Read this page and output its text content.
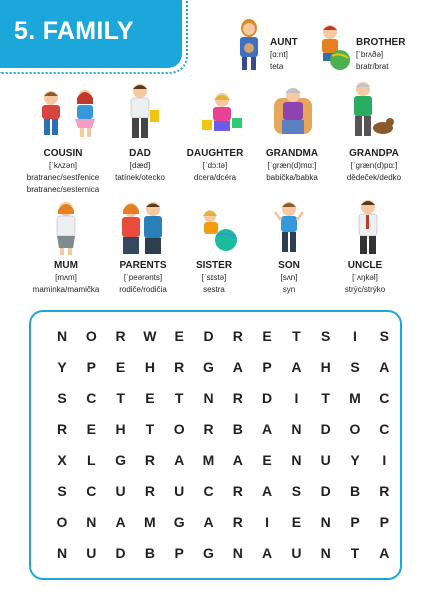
5. FAMILY	AUNT
[ɑ:nt]
teta
BROTHER
[ˈbrʌðə]
bratr/brat
COUSIN
[ˈkʌzən]
bratranec/sestřenice
bratranec/sesternica
DAD
[dæd]
tatínek/otecko
DAUGHTER
[ˈdɔ:tə]
dcera/dcéra
GRANDMA
[ˈgræn(d)mɑ:]
babička/babka
GRANDPA
[ˈgræn(d)pɑ:]
dědeček/dedko
MUM
[mʌm]
maminka/mamička
PARENTS
[ˈpeərənts]
rodiče/rodičia
SISTER
[ˈsɪstə]
sestra
SON
[sʌn]
syn
UNCLE
[ˈʌŋkəl]
strýc/strýko
N	O	R	W	E	D	R	E	T	S	I	S
Y	P	E	H	R	G	A	P	A	H	S	A
S	C	T	E	T	N	R	D	I	T	M	C
R	E	H	T	O	R	B	A	N	D	O	C
X	L	G	R	A	M	A	E	N	U	Y	I
S	C	U	R	U	C	R	A	S	D	B	R
O	N	A	M	G	A	R	I	E	N	P	P
N	U	D	B	P	G	N	A	U	N	T	A
